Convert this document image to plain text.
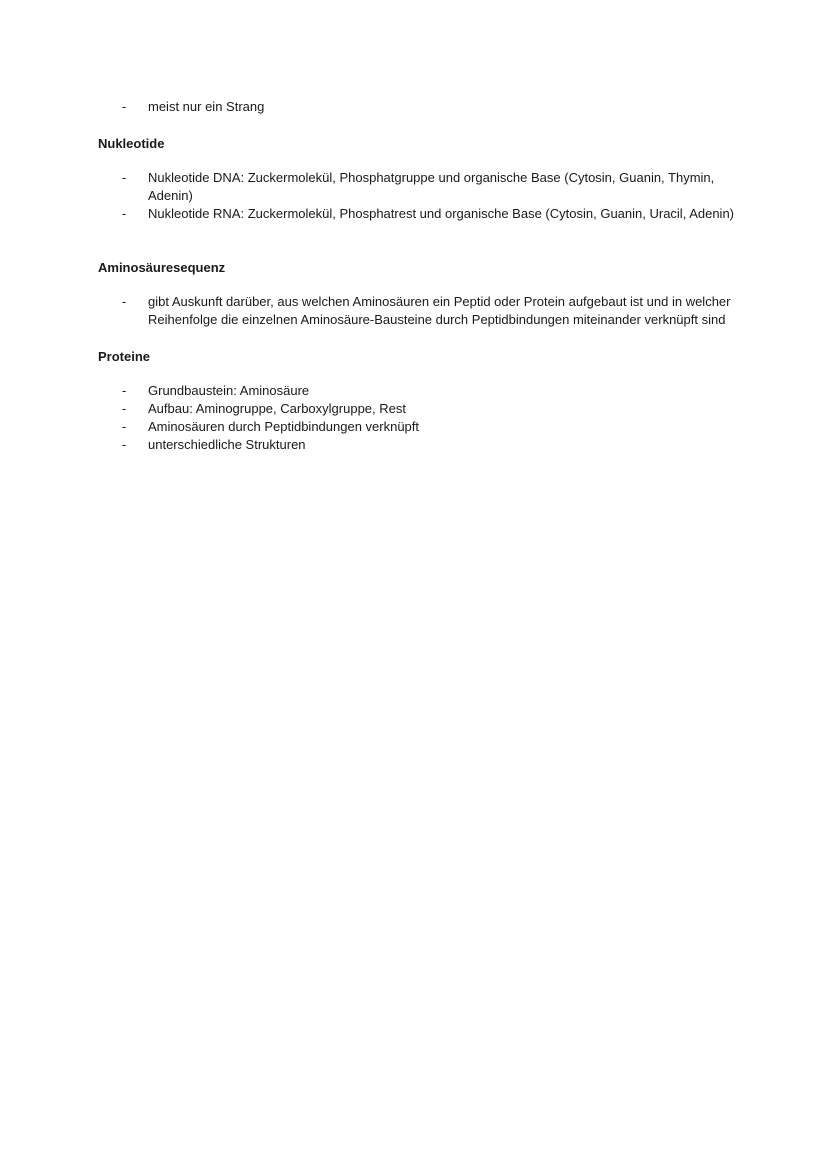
-	meist nur ein Strang

Nukleotide

-	Nukleotide DNA: Zuckermolekül, Phosphatgruppe und organische Base (Cytosin, Guanin, Thymin, Adenin)
-	Nukleotide RNA: Zuckermolekül, Phosphatrest und organische Base (Cytosin, Guanin, Uracil, Adenin)

Aminosäuresequenz

-	gibt Auskunft darüber, aus welchen Aminosäuren ein Peptid oder Protein aufgebaut ist und in welcher Reihenfolge die einzelnen Aminosäure-Bausteine durch Peptidbindungen miteinander verknüpft sind

Proteine

-	Grundbaustein: Aminosäure
-	Aufbau: Aminogruppe, Carboxylgruppe, Rest
-	Aminosäuren durch Peptidbindungen verknüpft
-	unterschiedliche Strukturen
